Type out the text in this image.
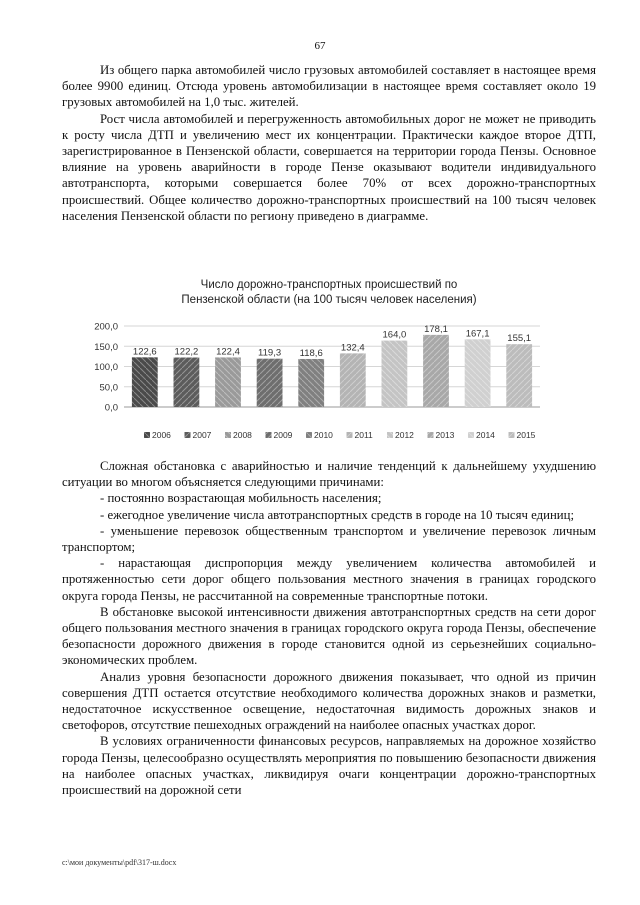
67

Из общего парка автомобилей число грузовых автомобилей составляет в настоящее время более 9900 единиц. Отсюда уровень автомобилизации в настоящее время составляет около 19 грузовых автомобилей на 1,0 тыс. жителей.

Рост числа автомобилей и перегруженность автомобильных дорог не может не приводить к росту числа ДТП и увеличению мест их концентрации. Практически каждое второе ДТП, зарегистрированное в Пензенской области, совершается на территории города Пензы. Основное влияние на уровень аварийности в городе Пензе оказывают водители индивидуального автотранспорта, которыми совершается более 70% от всех дорожно-транспортных происшествий. Общее количество дорожно-транспортных происшествий на 100 тысяч человек населения Пензенской области по региону приведено в диаграмме.

Число дорожно-транспортных происшествий по
Пензенской области (на 100 тысяч человек населения)
0,0
50,0
100,0
150,0
200,0
122,6 122,2 122,4 119,3 118,6
132,4
164,0
178,1 167,1 155,1
2006	2007	2008	2009	2010	2011	2012	2013	2014	2015

Сложная обстановка с аварийностью и наличие тенденций к дальнейшему ухудшению ситуации во многом объясняется следующими причинами:

- постоянно возрастающая мобильность населения;

- ежегодное увеличение числа автотранспортных средств в городе на 10 тысяч единиц;

- уменьшение перевозок общественным транспортом и увеличение перевозок личным транспортом;

- нарастающая диспропорция между увеличением количества автомобилей и протяженностью сети дорог общего пользования местного значения в границах городского округа города Пензы, не рассчитанной на современные транспортные потоки.

В обстановке высокой интенсивности движения автотранспортных средств на сети дорог общего пользования местного значения в границах городского округа города Пензы, обеспечение безопасности дорожного движения в городе становится одной из серьезнейших социально-экономических проблем.

Анализ уровня безопасности дорожного движения показывает, что одной из причин совершения ДТП остается отсутствие необходимого количества дорожных знаков и разметки, недостаточное искусственное освещение, недостаточная видимость дорожных знаков и светофоров, отсутствие пешеходных ограждений на наиболее опасных участках дорог.

В условиях ограниченности финансовых ресурсов, направляемых на дорожное хозяйство города Пензы, целесообразно осуществлять мероприятия по повышению безопасности движения на наиболее опасных участках, ликвидируя очаги концентрации дорожно-транспортных происшествий на дорожной сети

c:\мои документы\pdf\317-ш.docx
